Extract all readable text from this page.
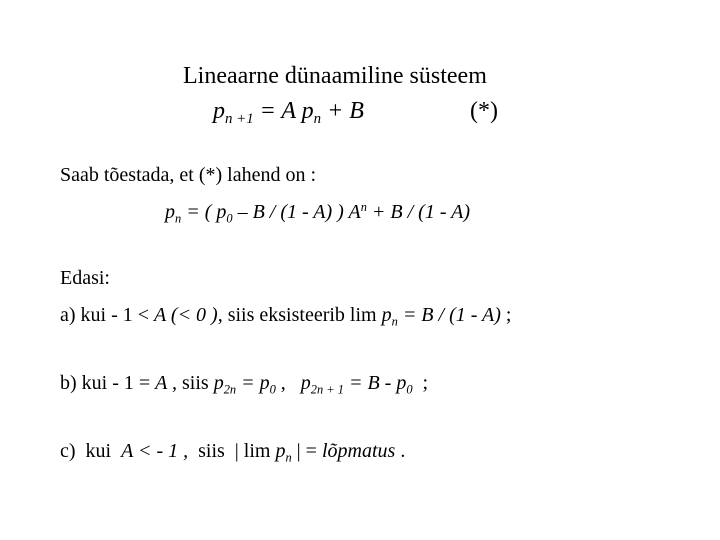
Lineaarne dünaamiline süsteem
$p_{n +1} = A$ $p_n + B$	(*)
Saab tõestada, et (*) lahend on :
$p_n$ = ( $p_0$ – B / (1 - A) ) $A^n + B / (1 - A)$
Edasi:
a) kui - 1 < A (< 0 ), siis eksisteerib $\lim p_n = B / (1 - A)$ ;
b) kui - 1 = A , siis $p_{2n} = p_0$ ,   $p_{2n + 1} = B - p_0$  ;
c)  kui  A < - 1 ,  siis  | $\lim p_n$ | = lõpmatus .
